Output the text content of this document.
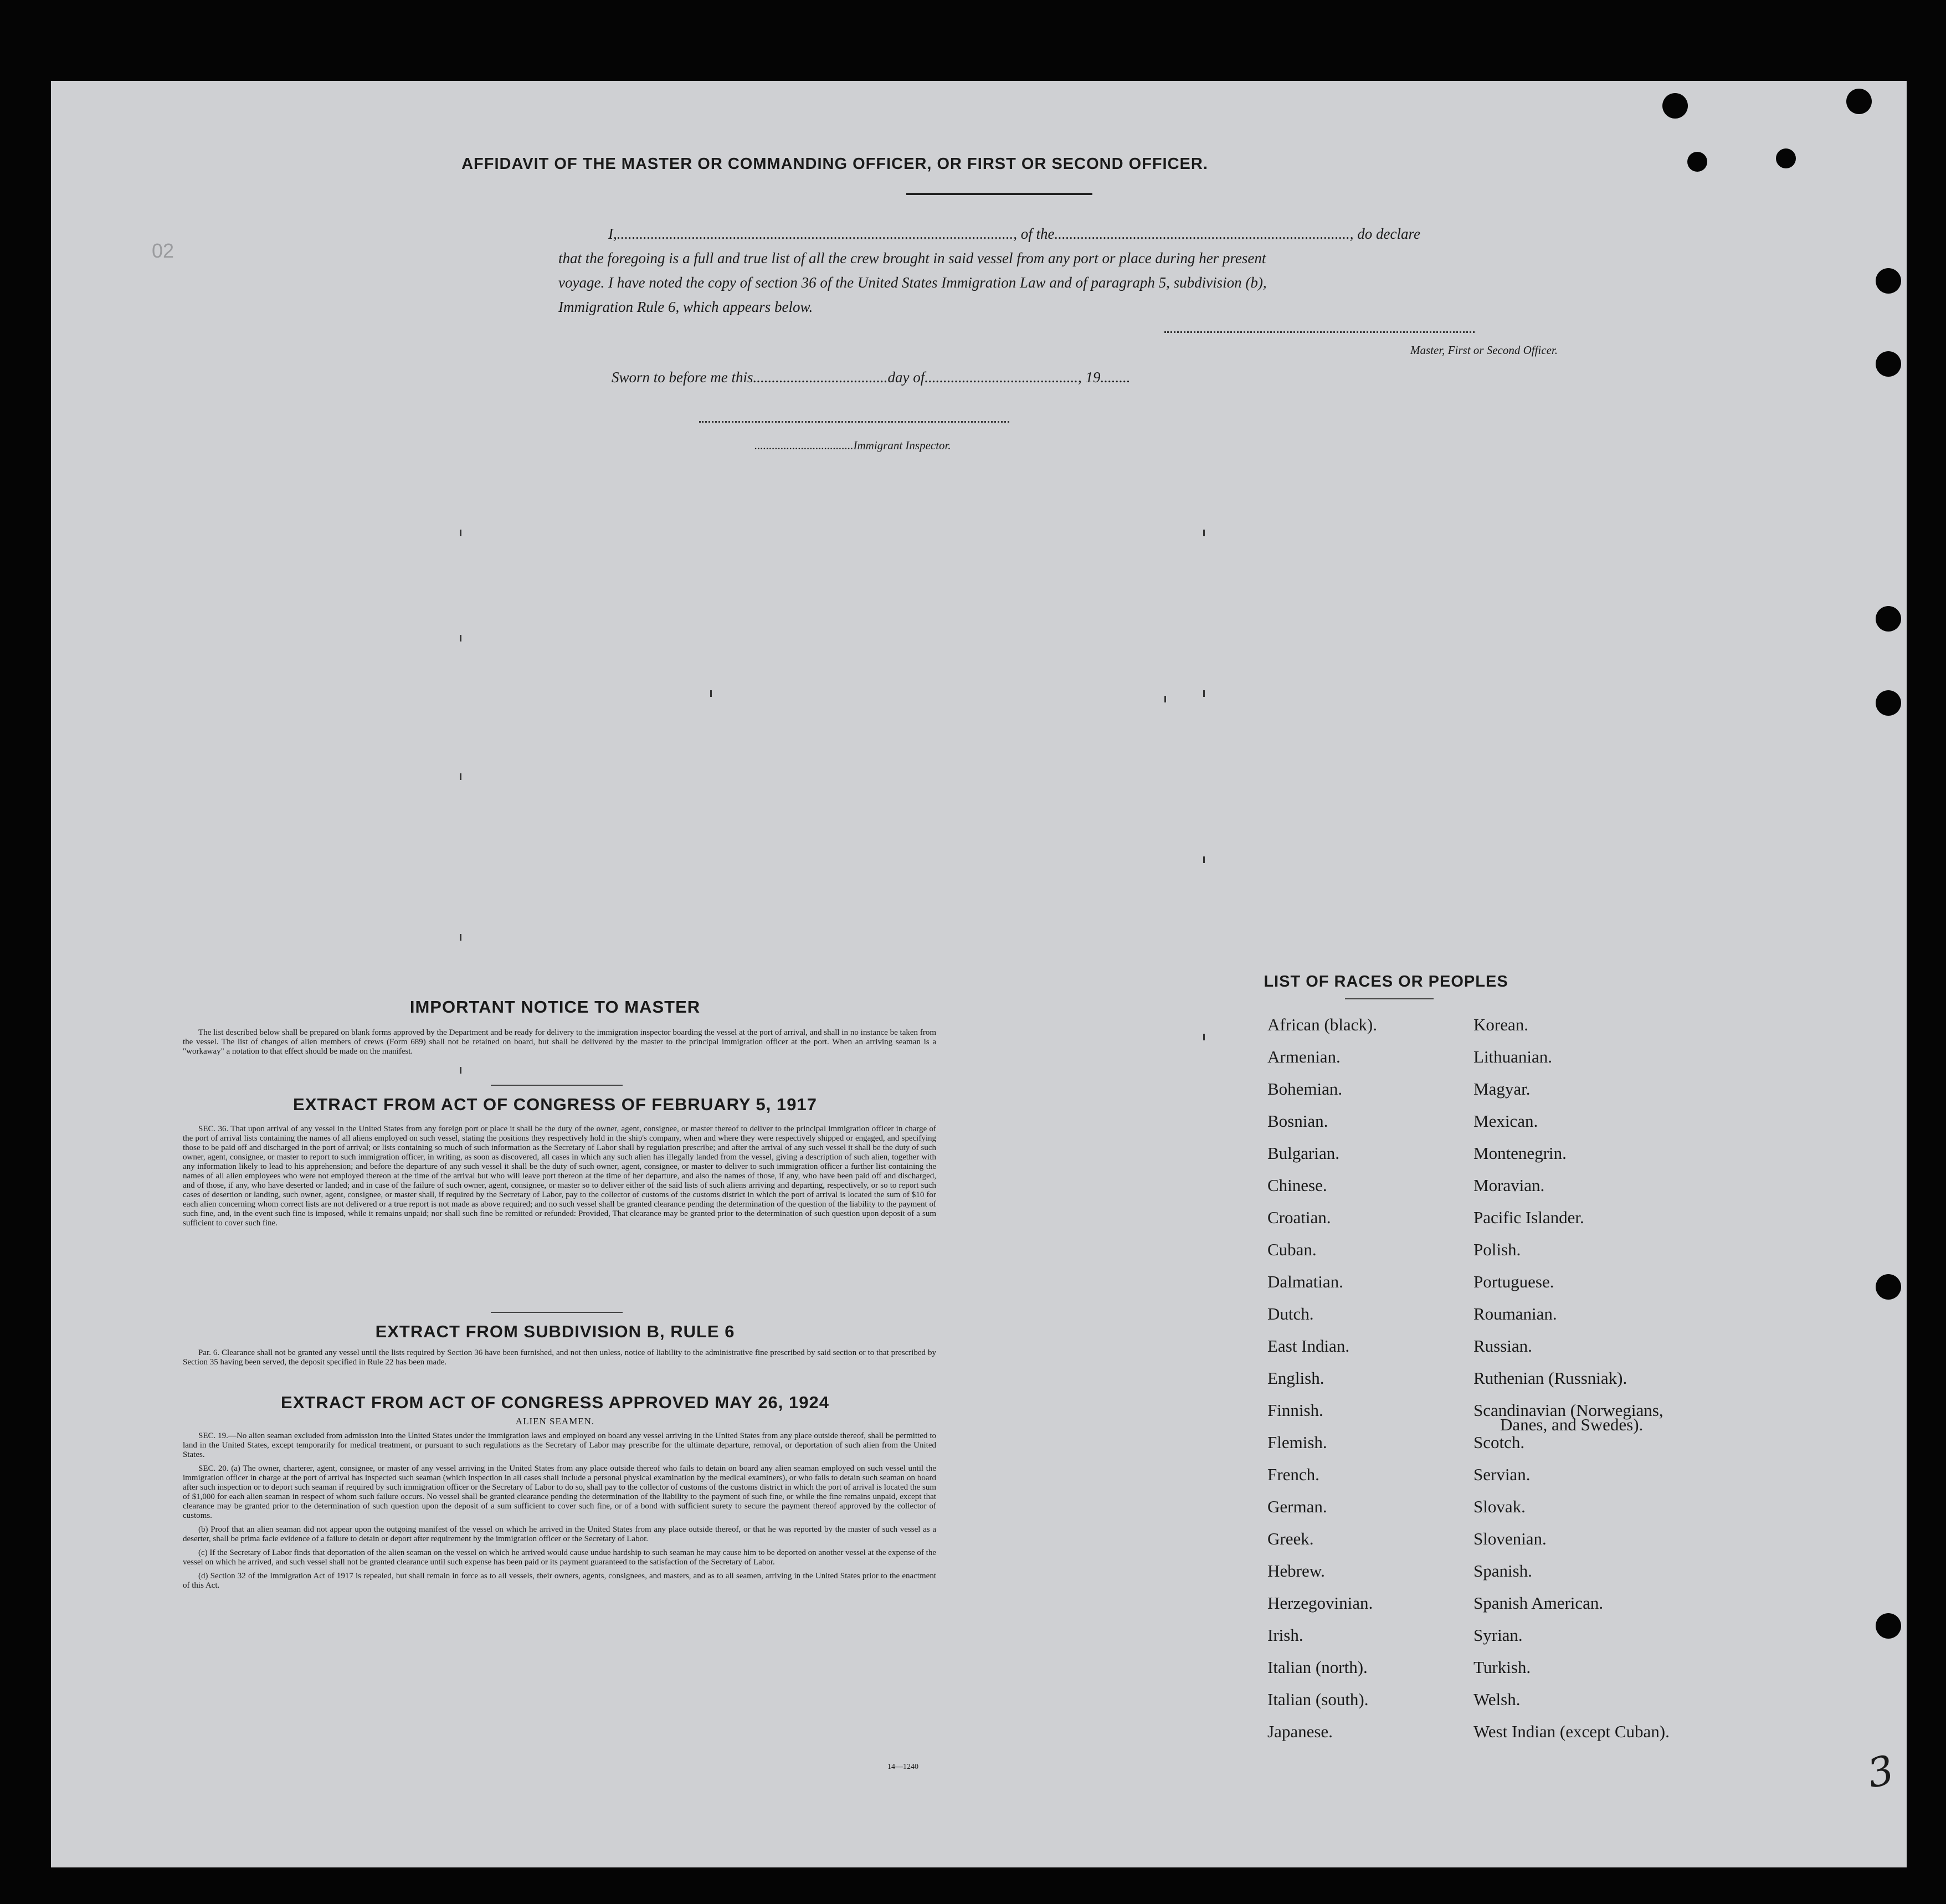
AFFIDAVIT OF THE MASTER OR COMMANDING OFFICER, OR FIRST OR SECOND OFFICER.
I,.........................................................................................................., of the..............................................................................., do declare
that the foregoing is a full and true list of all the crew brought in said vessel from any port or place during her present
voyage. I have noted the copy of section 36 of the United States Immigration Law and of paragraph 5, subdivision (b),
Immigration Rule 6, which appears below.
Master, First or Second Officer.
Sworn to before me this....................................day of........................................., 19........
..................................Immigrant Inspector.
02
IMPORTANT NOTICE TO MASTER

The list described below shall be prepared on blank forms approved by the Department and be ready for delivery to the immigration inspector boarding the vessel at the port of arrival, and shall in no instance be taken from the vessel. The list of changes of alien members of crews (Form 689) shall not be retained on board, but shall be delivered by the master to the principal immigration officer at the port. When an arriving seaman is a "workaway" a notation to that effect should be made on the manifest.

EXTRACT FROM ACT OF CONGRESS OF FEBRUARY 5, 1917

SEC. 36. That upon arrival of any vessel in the United States from any foreign port or place it shall be the duty of the owner, agent, consignee, or master thereof to deliver to the principal immigration officer in charge of the port of arrival lists containing the names of all aliens employed on such vessel, stating the positions they respectively hold in the ship's company, when and where they were respectively shipped or engaged, and specifying those to be paid off and discharged in the port of arrival; or lists containing so much of such information as the Secretary of Labor shall by regulation prescribe; and after the arrival of any such vessel it shall be the duty of such owner, agent, consignee, or master to report to such immigration officer, in writing, as soon as discovered, all cases in which any such alien has illegally landed from the vessel, giving a description of such alien, together with any information likely to lead to his apprehension; and before the departure of any such vessel it shall be the duty of such owner, agent, consignee, or master to deliver to such immigration officer a further list containing the names of all alien employees who were not employed thereon at the time of the arrival but who will leave port thereon at the time of her departure, and also the names of those, if any, who have been paid off and discharged, and of those, if any, who have deserted or landed; and in case of the failure of such owner, agent, consignee, or master so to deliver either of the said lists of such aliens arriving and departing, respectively, or so to report such cases of desertion or landing, such owner, agent, consignee, or master shall, if required by the Secretary of Labor, pay to the collector of customs of the customs district in which the port of arrival is located the sum of $10 for each alien concerning whom correct lists are not delivered or a true report is not made as above required; and no such vessel shall be granted clearance pending the determination of the question of the liability to the payment of such fine, and, in the event such fine is imposed, while it remains unpaid; nor shall such fine be remitted or refunded: Provided, That clearance may be granted prior to the determination of such question upon deposit of a sum sufficient to cover such fine.

EXTRACT FROM SUBDIVISION B, RULE 6

Par. 6. Clearance shall not be granted any vessel until the lists required by Section 36 have been furnished, and not then unless, notice of liability to the administrative fine prescribed by said section or to that prescribed by Section 35 having been served, the deposit specified in Rule 22 has been made.

EXTRACT FROM ACT OF CONGRESS APPROVED MAY 26, 1924
ALIEN SEAMEN.

SEC. 19.—No alien seaman excluded from admission into the United States under the immigration laws and employed on board any vessel arriving in the United States from any place outside thereof, shall be permitted to land in the United States, except temporarily for medical treatment, or pursuant to such regulations as the Secretary of Labor may prescribe for the ultimate departure, removal, or deportation of such alien from the United States.

SEC. 20. (a) The owner, charterer, agent, consignee, or master of any vessel arriving in the United States from any place outside thereof who fails to detain on board any alien seaman employed on such vessel until the immigration officer in charge at the port of arrival has inspected such seaman (which inspection in all cases shall include a personal physical examination by the medical examiners), or who fails to detain such seaman on board after such inspection or to deport such seaman if required by such immigration officer or the Secretary of Labor to do so, shall pay to the collector of customs of the customs district in which the port of arrival is located the sum of $1,000 for each alien seaman in respect of whom such failure occurs. No vessel shall be granted clearance pending the determination of the liability to the payment of such fine, or while the fine remains unpaid, except that clearance may be granted prior to the determination of such question upon the deposit of a sum sufficient to cover such fine, or of a bond with sufficient surety to secure the payment thereof approved by the collector of customs.

(b) Proof that an alien seaman did not appear upon the outgoing manifest of the vessel on which he arrived in the United States from any place outside thereof, or that he was reported by the master of such vessel as a deserter, shall be prima facie evidence of a failure to detain or deport after requirement by the immigration officer or the Secretary of Labor.

(c) If the Secretary of Labor finds that deportation of the alien seaman on the vessel on which he arrived would cause undue hardship to such seaman he may cause him to be deported on another vessel at the expense of the vessel on which he arrived, and such vessel shall not be granted clearance until such expense has been paid or its payment guaranteed to the satisfaction of the Secretary of Labor.

(d) Section 32 of the Immigration Act of 1917 is repealed, but shall remain in force as to all vessels, their owners, agents, consignees, and masters, and as to all seamen, arriving in the United States prior to the enactment of this Act.

14—1240
LIST OF RACES OR PEOPLES
African (black).
Armenian.
Bohemian.
Bosnian.
Bulgarian.
Chinese.
Croatian.
Cuban.
Dalmatian.
Dutch.
East Indian.
English.
Finnish.
Flemish.
French.
German.
Greek.
Hebrew.
Herzegovinian.
Irish.
Italian (north).
Italian (south).
Japanese.
Korean.
Lithuanian.
Magyar.
Mexican.
Montenegrin.
Moravian.
Pacific Islander.
Polish.
Portuguese.
Roumanian.
Russian.
Ruthenian (Russniak).
Scandinavian (Norwegians,
Scotch.
Servian.
Slovak.
Slovenian.
Spanish.
Spanish American.
Syrian.
Turkish.
Welsh.
West Indian (except Cuban).
Danes, and Swedes).
3
